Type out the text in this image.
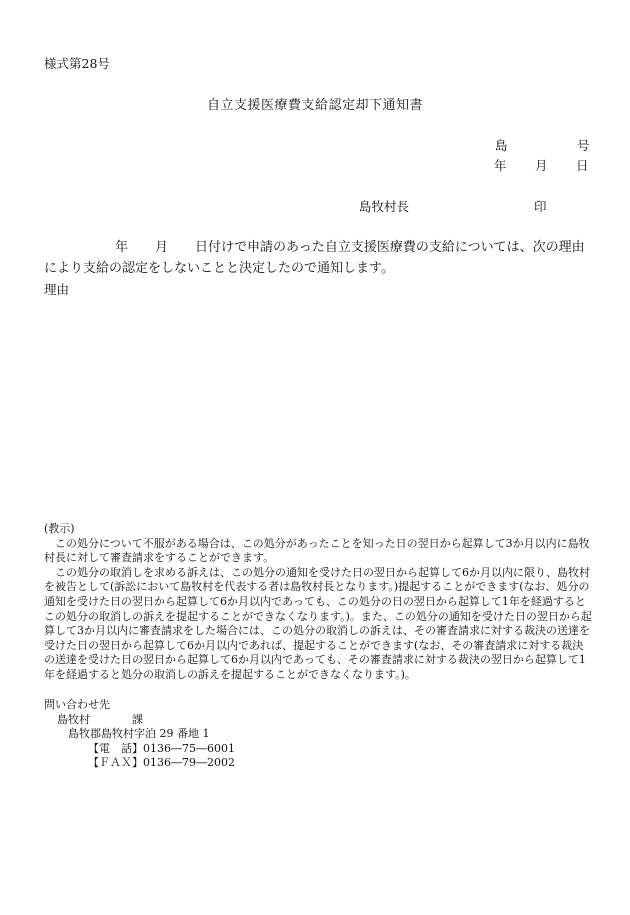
様式第28号
自立支援医療費支給認定却下通知書
島	号
年 月 日
島牧村長	印
年 月 日付けで申請のあった自立支援医療費の支給については、次の理由により支給の認定をしないことと決定したので通知します。
理由

(教示)

この処分について不服がある場合は、この処分があったことを知った日の翌日から起算して3か月以内に島牧村長に対して審査請求をすることができます。

この処分の取消しを求める訴えは、この処分の通知を受けた日の翌日から起算して6か月以内に限り、島牧村を被告として(訴訟において島牧村を代表する者は島牧村長となります。)提起することができます(なお、処分の通知を受けた日の翌日から起算して6か月以内であっても、この処分の日の翌日から起算して1年を経過するとこの処分の取消しの訴えを提起することができなくなります。)。また、この処分の通知を受けた日の翌日から起算して3か月以内に審査請求をした場合には、この処分の取消しの訴えは、その審査請求に対する裁決の送達を受けた日の翌日から起算して6か月以内であれば、提起することができます(なお、その審査請求に対する裁決の送達を受けた日の翌日から起算して6か月以内であっても、その審査請求に対する裁決の翌日から起算して1年を経過すると処分の取消しの訴えを提起することができなくなります。)。

問い合わせ先
島牧村	課
島牧郡島牧村字泊 29 番地 1
【電　話】0136―75―6001
【ＦＡＸ】0136―79―2002
